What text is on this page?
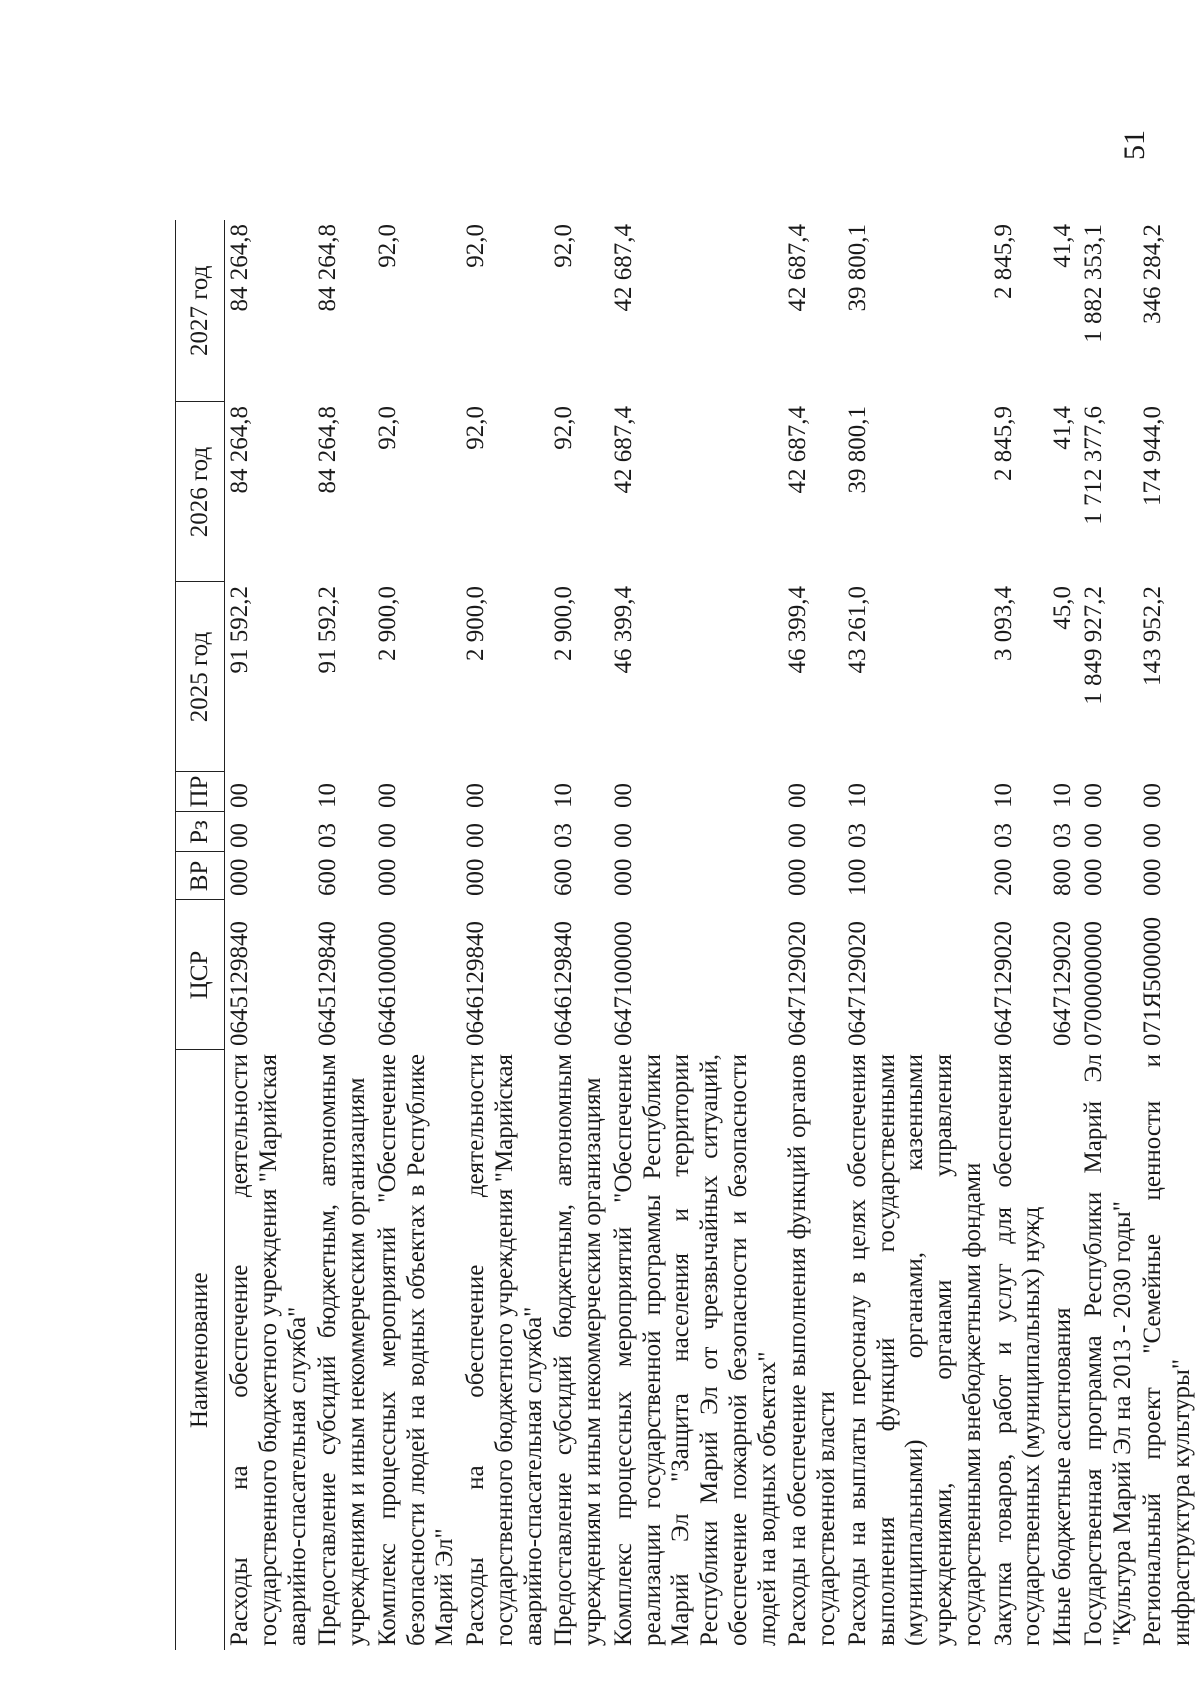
51
Наименование	ЦСР	ВР	Рз	ПР	2025 год	2026 год	2027 год
Расходы на обеспечение деятельности государственного бюджетного учреждения "Марийская аварийно-спасательная служба"	0645129840	000	00	00	91 592,2	84 264,8	84 264,8
Предоставление субсидий бюджетным, автономным учреждениям и иным некоммерческим организациям	0645129840	600	03	10	91 592,2	84 264,8	84 264,8
Комплекс процессных мероприятий "Обеспечение безопасности людей на водных объектах в Республике Марий Эл"	0646100000	000	00	00	2 900,0	92,0	92,0
Расходы на обеспечение деятельности государственного бюджетного учреждения "Марийская аварийно-спасательная служба"	0646129840	000	00	00	2 900,0	92,0	92,0
Предоставление субсидий бюджетным, автономным учреждениям и иным некоммерческим организациям	0646129840	600	03	10	2 900,0	92,0	92,0
Комплекс процессных мероприятий "Обеспечение реализации государственной программы Республики Марий Эл "Защита населения и территории Республики Марий Эл от чрезвычайных ситуаций, обеспечение пожарной безопасности и безопасности людей на водных объектах"	0647100000	000	00	00	46 399,4	42 687,4	42 687,4
Расходы на обеспечение выполнения функций органов государственной власти	0647129020	000	00	00	46 399,4	42 687,4	42 687,4
Расходы на выплаты персоналу в целях обеспечения выполнения функций государственными (муниципальными) органами, казенными учреждениями, органами управления государственными внебюджетными фондами	0647129020	100	03	10	43 261,0	39 800,1	39 800,1
Закупка товаров, работ и услуг для обеспечения государственных (муниципальных) нужд	0647129020	200	03	10	3 093,4	2 845,9	2 845,9
Иные бюджетные ассигнования	0647129020	800	03	10	45,0	41,4	41,4
Государственная программа Республики Марий Эл "Культура Марий Эл на 2013 - 2030 годы"	0700000000	000	00	00	1 849 927,2	1 712 377,6	1 882 353,1
Региональный проект "Семейные ценности и инфраструктура культуры"	071Я500000	000	00	00	143 952,2	174 944,0	346 284,2
